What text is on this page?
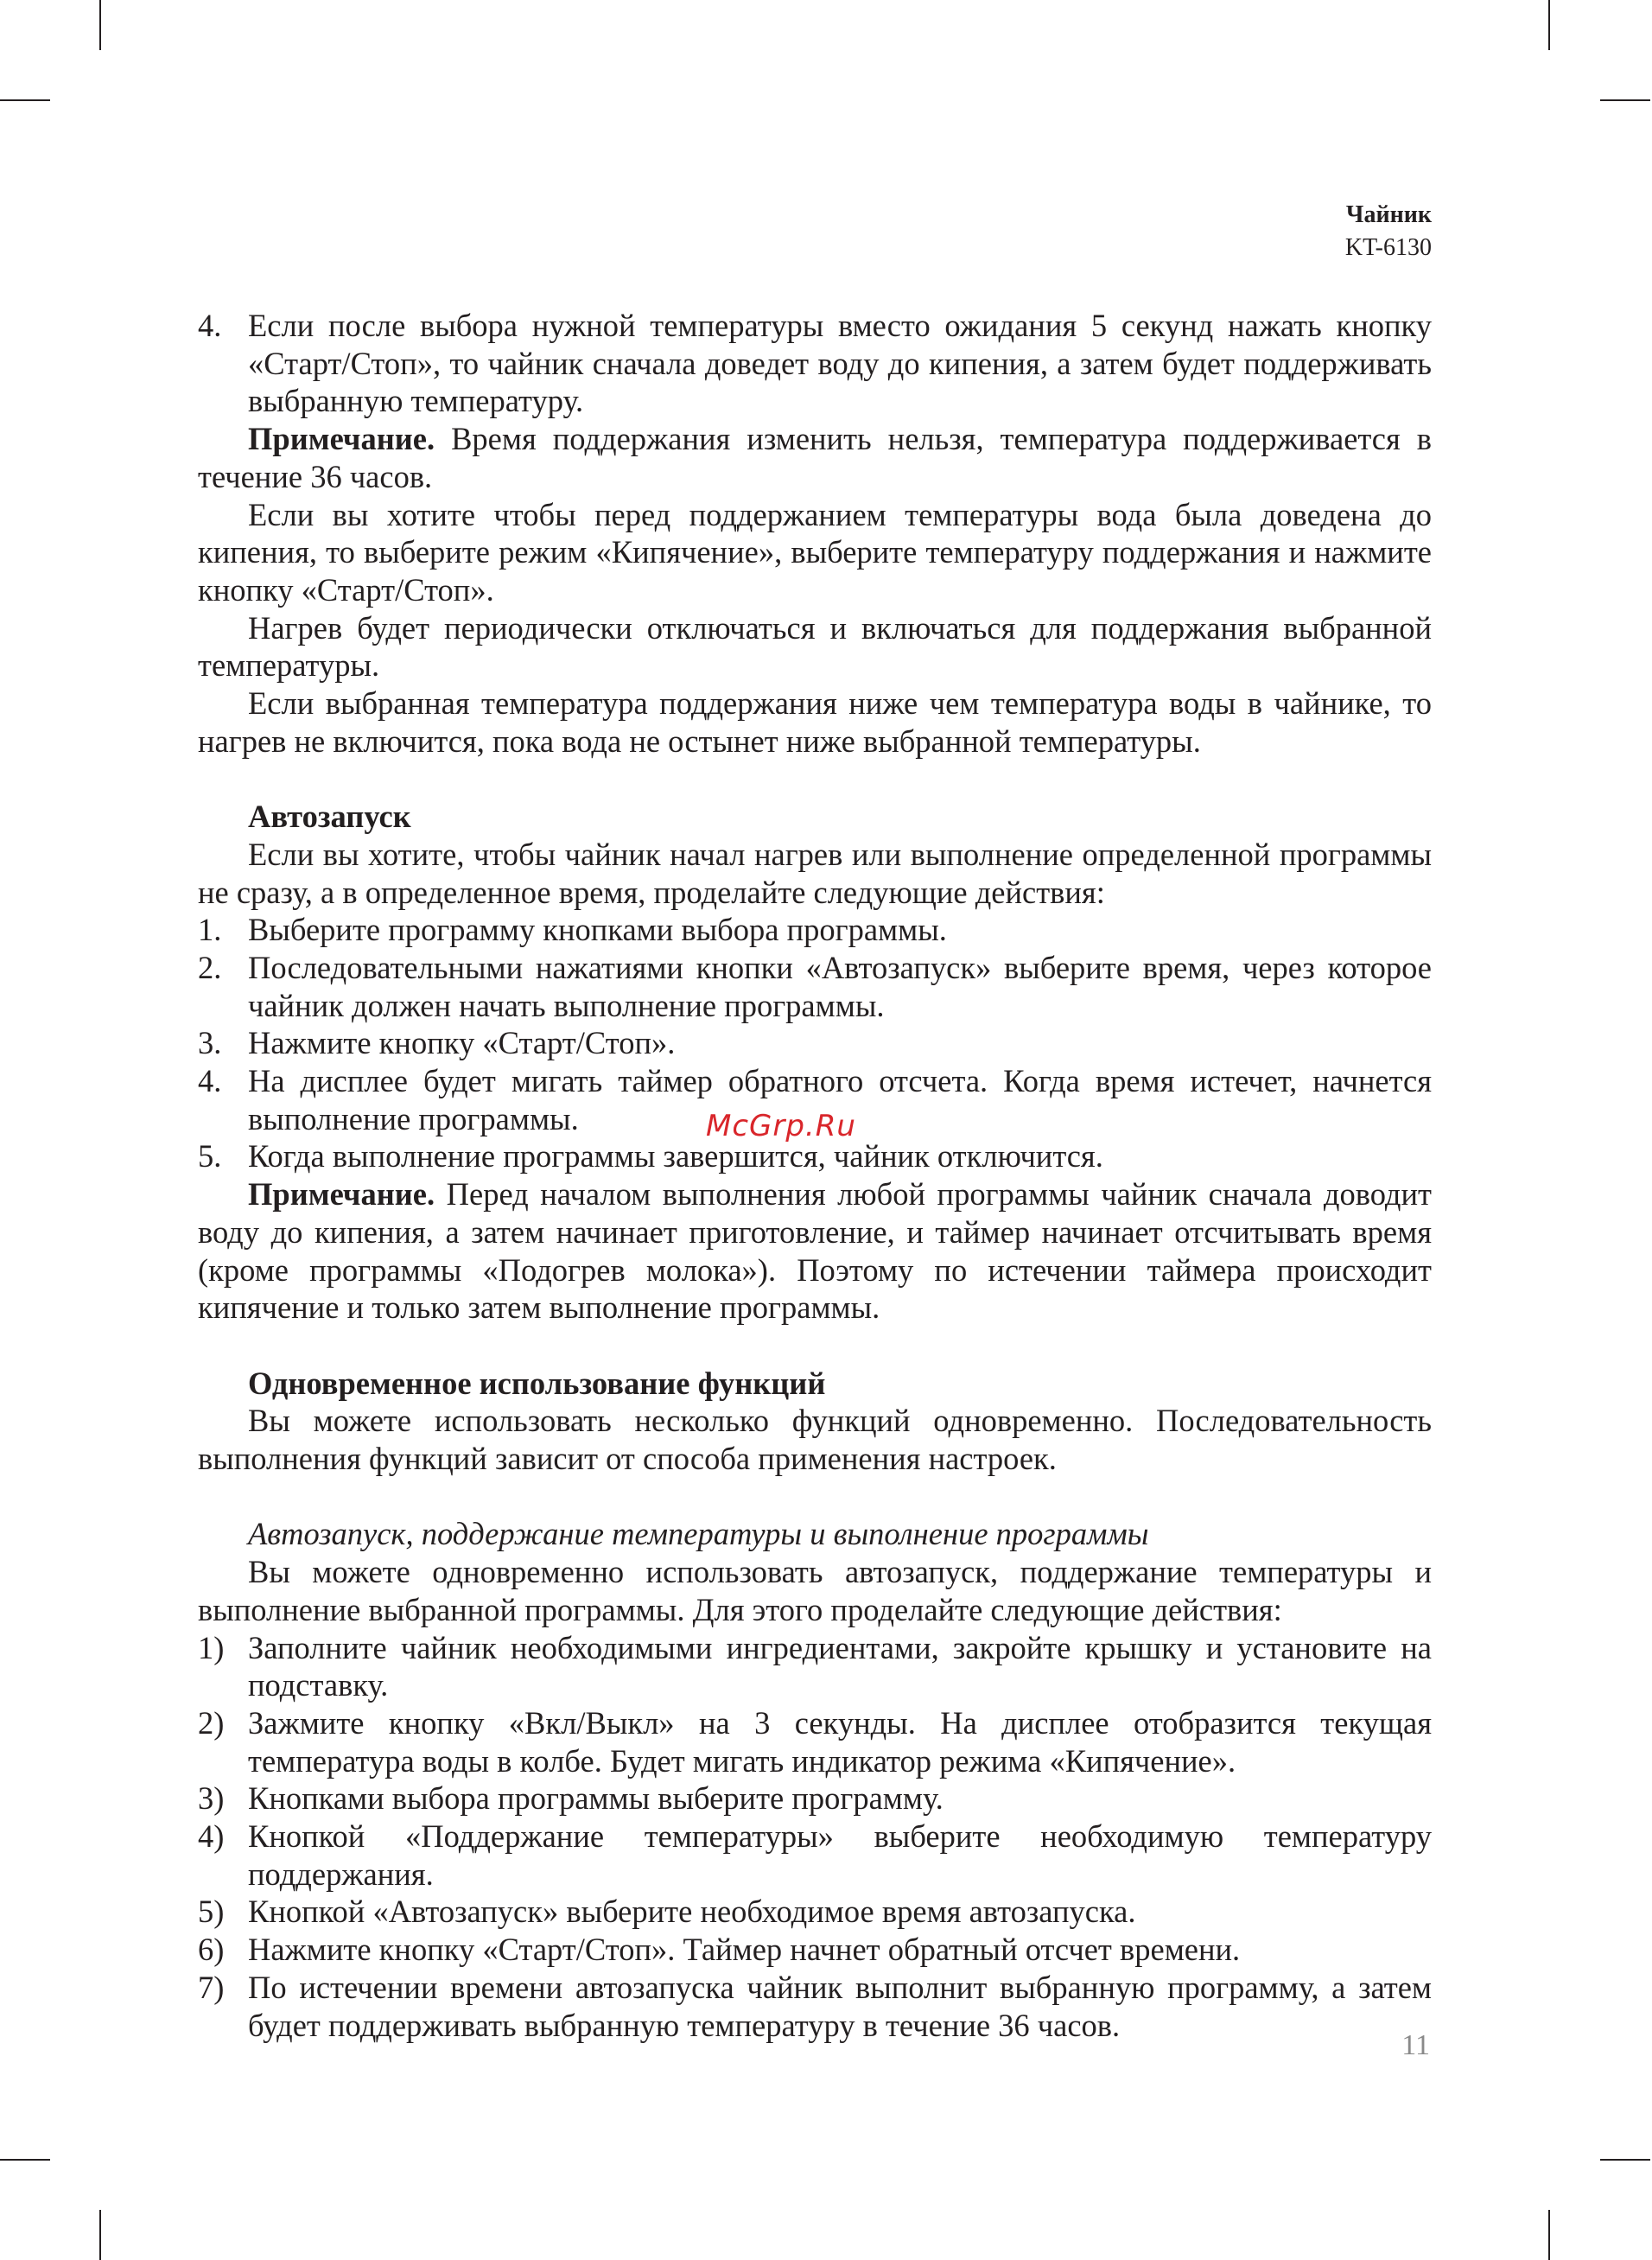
Чайник
KT-6130
4. Если после выбора нужной температуры вместо ожидания 5 секунд нажать кнопку «Старт/Стоп», то чайник сначала доведет воду до кипения, а затем будет поддерживать выбранную температуру.

Примечание. Время поддержания изменить нельзя, температура поддерживается в течение 36 часов.

Если вы хотите чтобы перед поддержанием температуры вода была доведена до кипения, то выберите режим «Кипячение», выберите температуру поддержания и нажмите кнопку «Старт/Стоп».

Нагрев будет периодически отключаться и включаться для поддержания выбранной температуры.

Если выбранная температура поддержания ниже чем температура воды в чайнике, то нагрев не включится, пока вода не остынет ниже выбранной температуры.

Автозапуск

Если вы хотите, чтобы чайник начал нагрев или выполнение определенной программы не сразу, а в определенное время, проделайте следующие действия:

1. Выберите программу кнопками выбора программы.
2. Последовательными нажатиями кнопки «Автозапуск» выберите время, через которое чайник должен начать выполнение программы.
3. Нажмите кнопку «Старт/Стоп».
4. На дисплее будет мигать таймер обратного отсчета. Когда время истечет, начнется выполнение программы.
5. Когда выполнение программы завершится, чайник отключится.

Примечание. Перед началом выполнения любой программы чайник сначала доводит воду до кипения, а затем начинает приготовление, и таймер начинает отсчитывать время (кроме программы «Подогрев молока»). Поэтому по истечении таймера происходит кипячение и только затем выполнение программы.

Одновременное использование функций

Вы можете использовать несколько функций одновременно. Последовательность выполнения функций зависит от способа применения настроек.

Автозапуск, поддержание температуры и выполнение программы

Вы можете одновременно использовать автозапуск, поддержание температуры и выполнение выбранной программы. Для этого проделайте следующие действия:

1) Заполните чайник необходимыми ингредиентами, закройте крышку и установите на подставку.
2) Зажмите кнопку «Вкл/Выкл» на 3 секунды. На дисплее отобразится текущая температура воды в колбе. Будет мигать индикатор режима «Кипячение».
3) Кнопками выбора программы выберите программу.
4) Кнопкой «Поддержание температуры» выберите необходимую температуру поддержания.
5) Кнопкой «Автозапуск» выберите необходимое время автозапуска.
6) Нажмите кнопку «Старт/Стоп». Таймер начнет обратный отсчет времени.
7) По истечении времени автозапуска чайник выполнит выбранную программу, а затем будет поддерживать выбранную температуру в течение 36 часов.
McGrp.Ru
11
